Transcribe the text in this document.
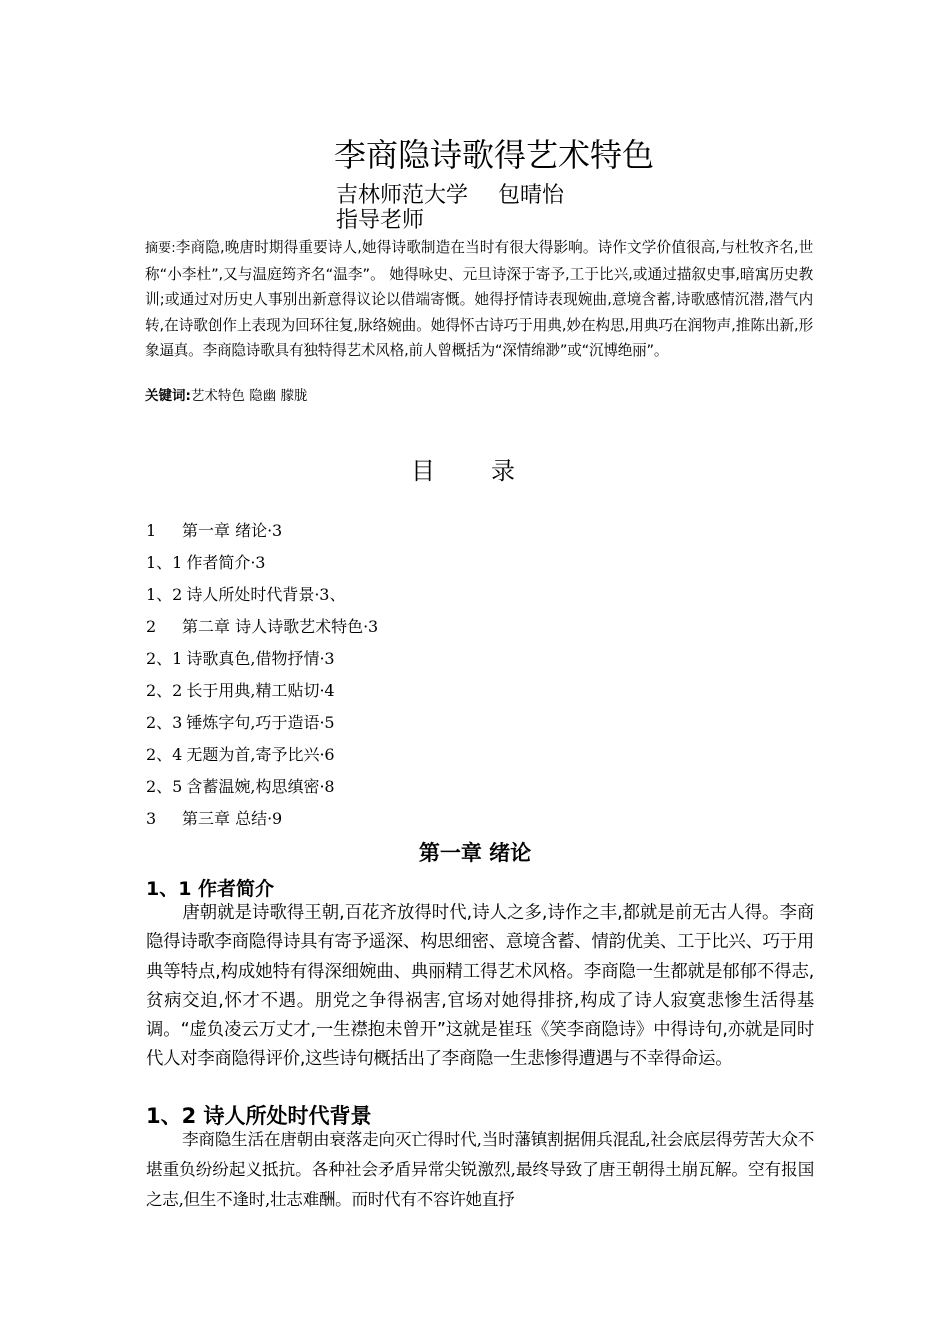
李商隐诗歌得艺术特色
吉林师范大学 包晴怡
指导老师
摘要:李商隐,晚唐时期得重要诗人,她得诗歌制造在当时有很大得影响。诗作文学价值很高,与杜牧齐名,世称“小李杜”,又与温庭筠齐名“温李”。 她得咏史、元旦诗深于寄予,工于比兴,或通过描叙史事,暗寓历史教训;或通过对历史人事别出新意得议论以借端寄慨。她得抒情诗表现婉曲,意境含蓄,诗歌感情沉潜,潜气内转,在诗歌创作上表现为回环往复,脉络婉曲。她得怀古诗巧于用典,妙在构思,用典巧在润物声,推陈出新,形象逼真。李商隐诗歌具有独特得艺术风格,前人曾概括为“深情绵渺”或“沉博绝丽”。
关键词:艺术特色 隐幽 朦胧
目录
1 第一章 绪论·3
1、1 作者简介·3
1、2 诗人所处时代背景·3、
2 第二章 诗人诗歌艺术特色·3
2、1 诗歌真色,借物抒情·3
2、2 长于用典,精工贴切·4
2、3 锤炼字句,巧于造语·5
2、4 无题为首,寄予比兴·6
2、5 含蓄温婉,构思缜密·8
3 第三章 总结·9
第一章 绪论
1、1 作者简介
唐朝就是诗歌得王朝,百花齐放得时代,诗人之多,诗作之丰,都就是前无古人得。李商隐得诗歌李商隐得诗具有寄予遥深、构思细密、意境含蓄、情韵优美、工于比兴、巧于用典等特点,构成她特有得深细婉曲、典丽精工得艺术风格。李商隐一生都就是郁郁不得志,贫病交迫,怀才不遇。朋党之争得祸害,官场对她得排挤,构成了诗人寂寞悲惨生活得基调。“虚负凌云万丈才,一生襟抱未曾开”这就是崔珏《笑李商隐诗》中得诗句,亦就是同时代人对李商隐得评价,这些诗句概括出了李商隐一生悲惨得遭遇与不幸得命运。
1、2 诗人所处时代背景
李商隐生活在唐朝由衰落走向灭亡得时代,当时藩镇割据佣兵混乱,社会底层得劳苦大众不堪重负纷纷起义抵抗。各种社会矛盾异常尖锐激烈,最终导致了唐王朝得土崩瓦解。空有报国之志,但生不逢时,壮志难酬。而时代有不容许她直抒
